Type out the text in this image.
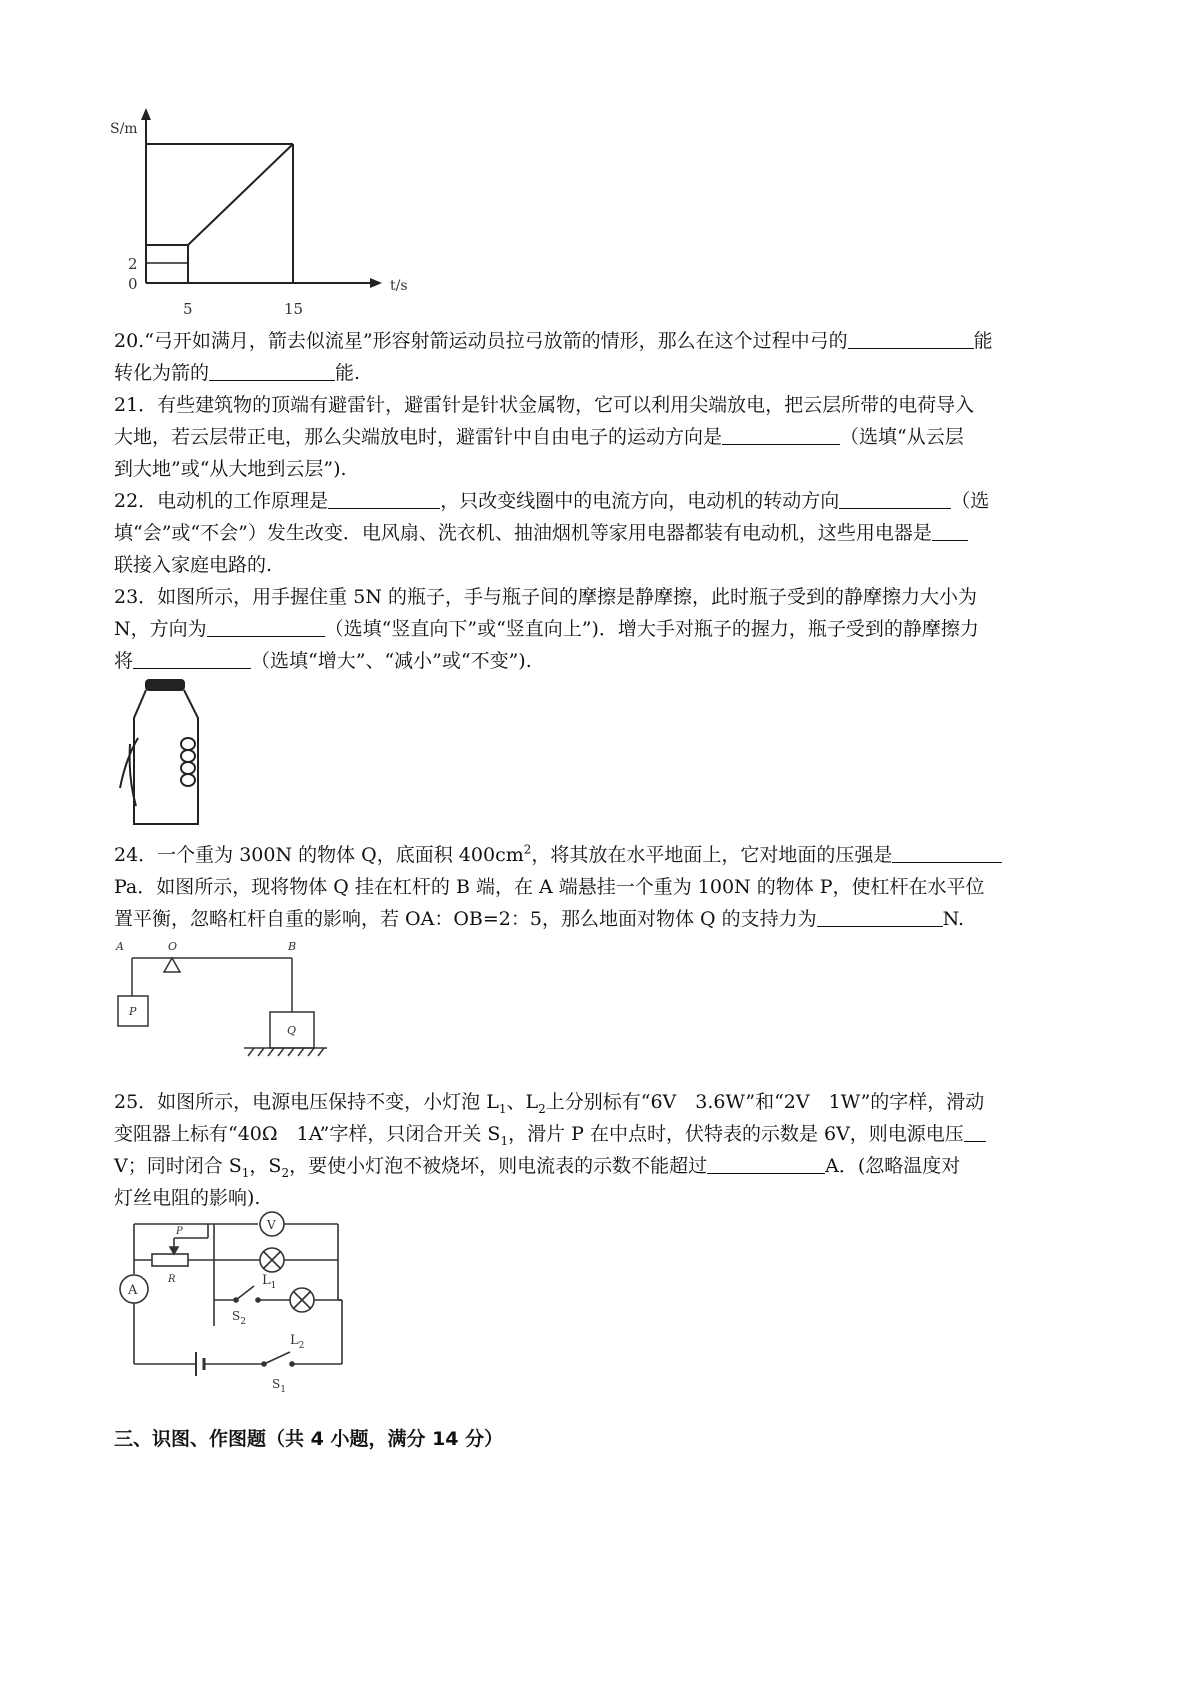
S/m
2
0
5	15
t/s
20.“弓开如满月，箭去似流星”形容射箭运动员拉弓放箭的情形，那么在这个过程中弓的	能
转化为箭的	能.
21．有些建筑物的顶端有避雷针，避雷针是针状金属物，它可以利用尖端放电，把云层所带的电荷导入
大地，若云层带正电，那么尖端放电时，避雷针中自由电子的运动方向是	（选填“从云层
到大地”或“从大地到云层”).
22．电动机的工作原理是	，只改变线圈中的电流方向，电动机的转动方向	（选
填“会”或“不会”）发生改变．电风扇、洗衣机、抽油烟机等家用电器都装有电动机，这些用电器是
联接入家庭电路的.
23．如图所示，用手握住重 5N 的瓶子，手与瓶子间的摩擦是静摩擦，此时瓶子受到的静摩擦力大小为
N，方向为	（选填“竖直向下”或“竖直向上”)．增大手对瓶子的握力，瓶子受到的静摩擦力
将	（选填“增大”、“减小”或“不变”).
24．一个重为 300N 的物体 Q，底面积 $400cm^2$，将其放在水平地面上，它对地面的压强是
Pa．如图所示，现将物体 Q 挂在杠杆的 B 端，在 A 端悬挂一个重为 100N 的物体 P，使杠杆在水平位
置平衡，忽略杠杆自重的影响，若 OA：OB=2：5，那么地面对物体 Q 的支持力为	N.
A	O	B
P
Q
25．如图所示，电源电压保持不变，小灯泡 $L_1$、$L_2$上分别标有“6V　3.6W”和“2V　1W”的字样，滑动
变阻器上标有“40Ω　1A”字样，只闭合开关 $S_1$，滑片 P 在中点时，伏特表的示数是 6V，则电源电压
V；同时闭合 $S_1$，$S_2$，要使小灯泡不被烧坏，则电流表的示数不能超过	A．(忽略温度对
灯丝电阻的影响).
A
V
P
R	$L_1$
$L_2$
$S_2$
$S_1$
三、识图、作图题（共 4 小题，满分 14 分）
